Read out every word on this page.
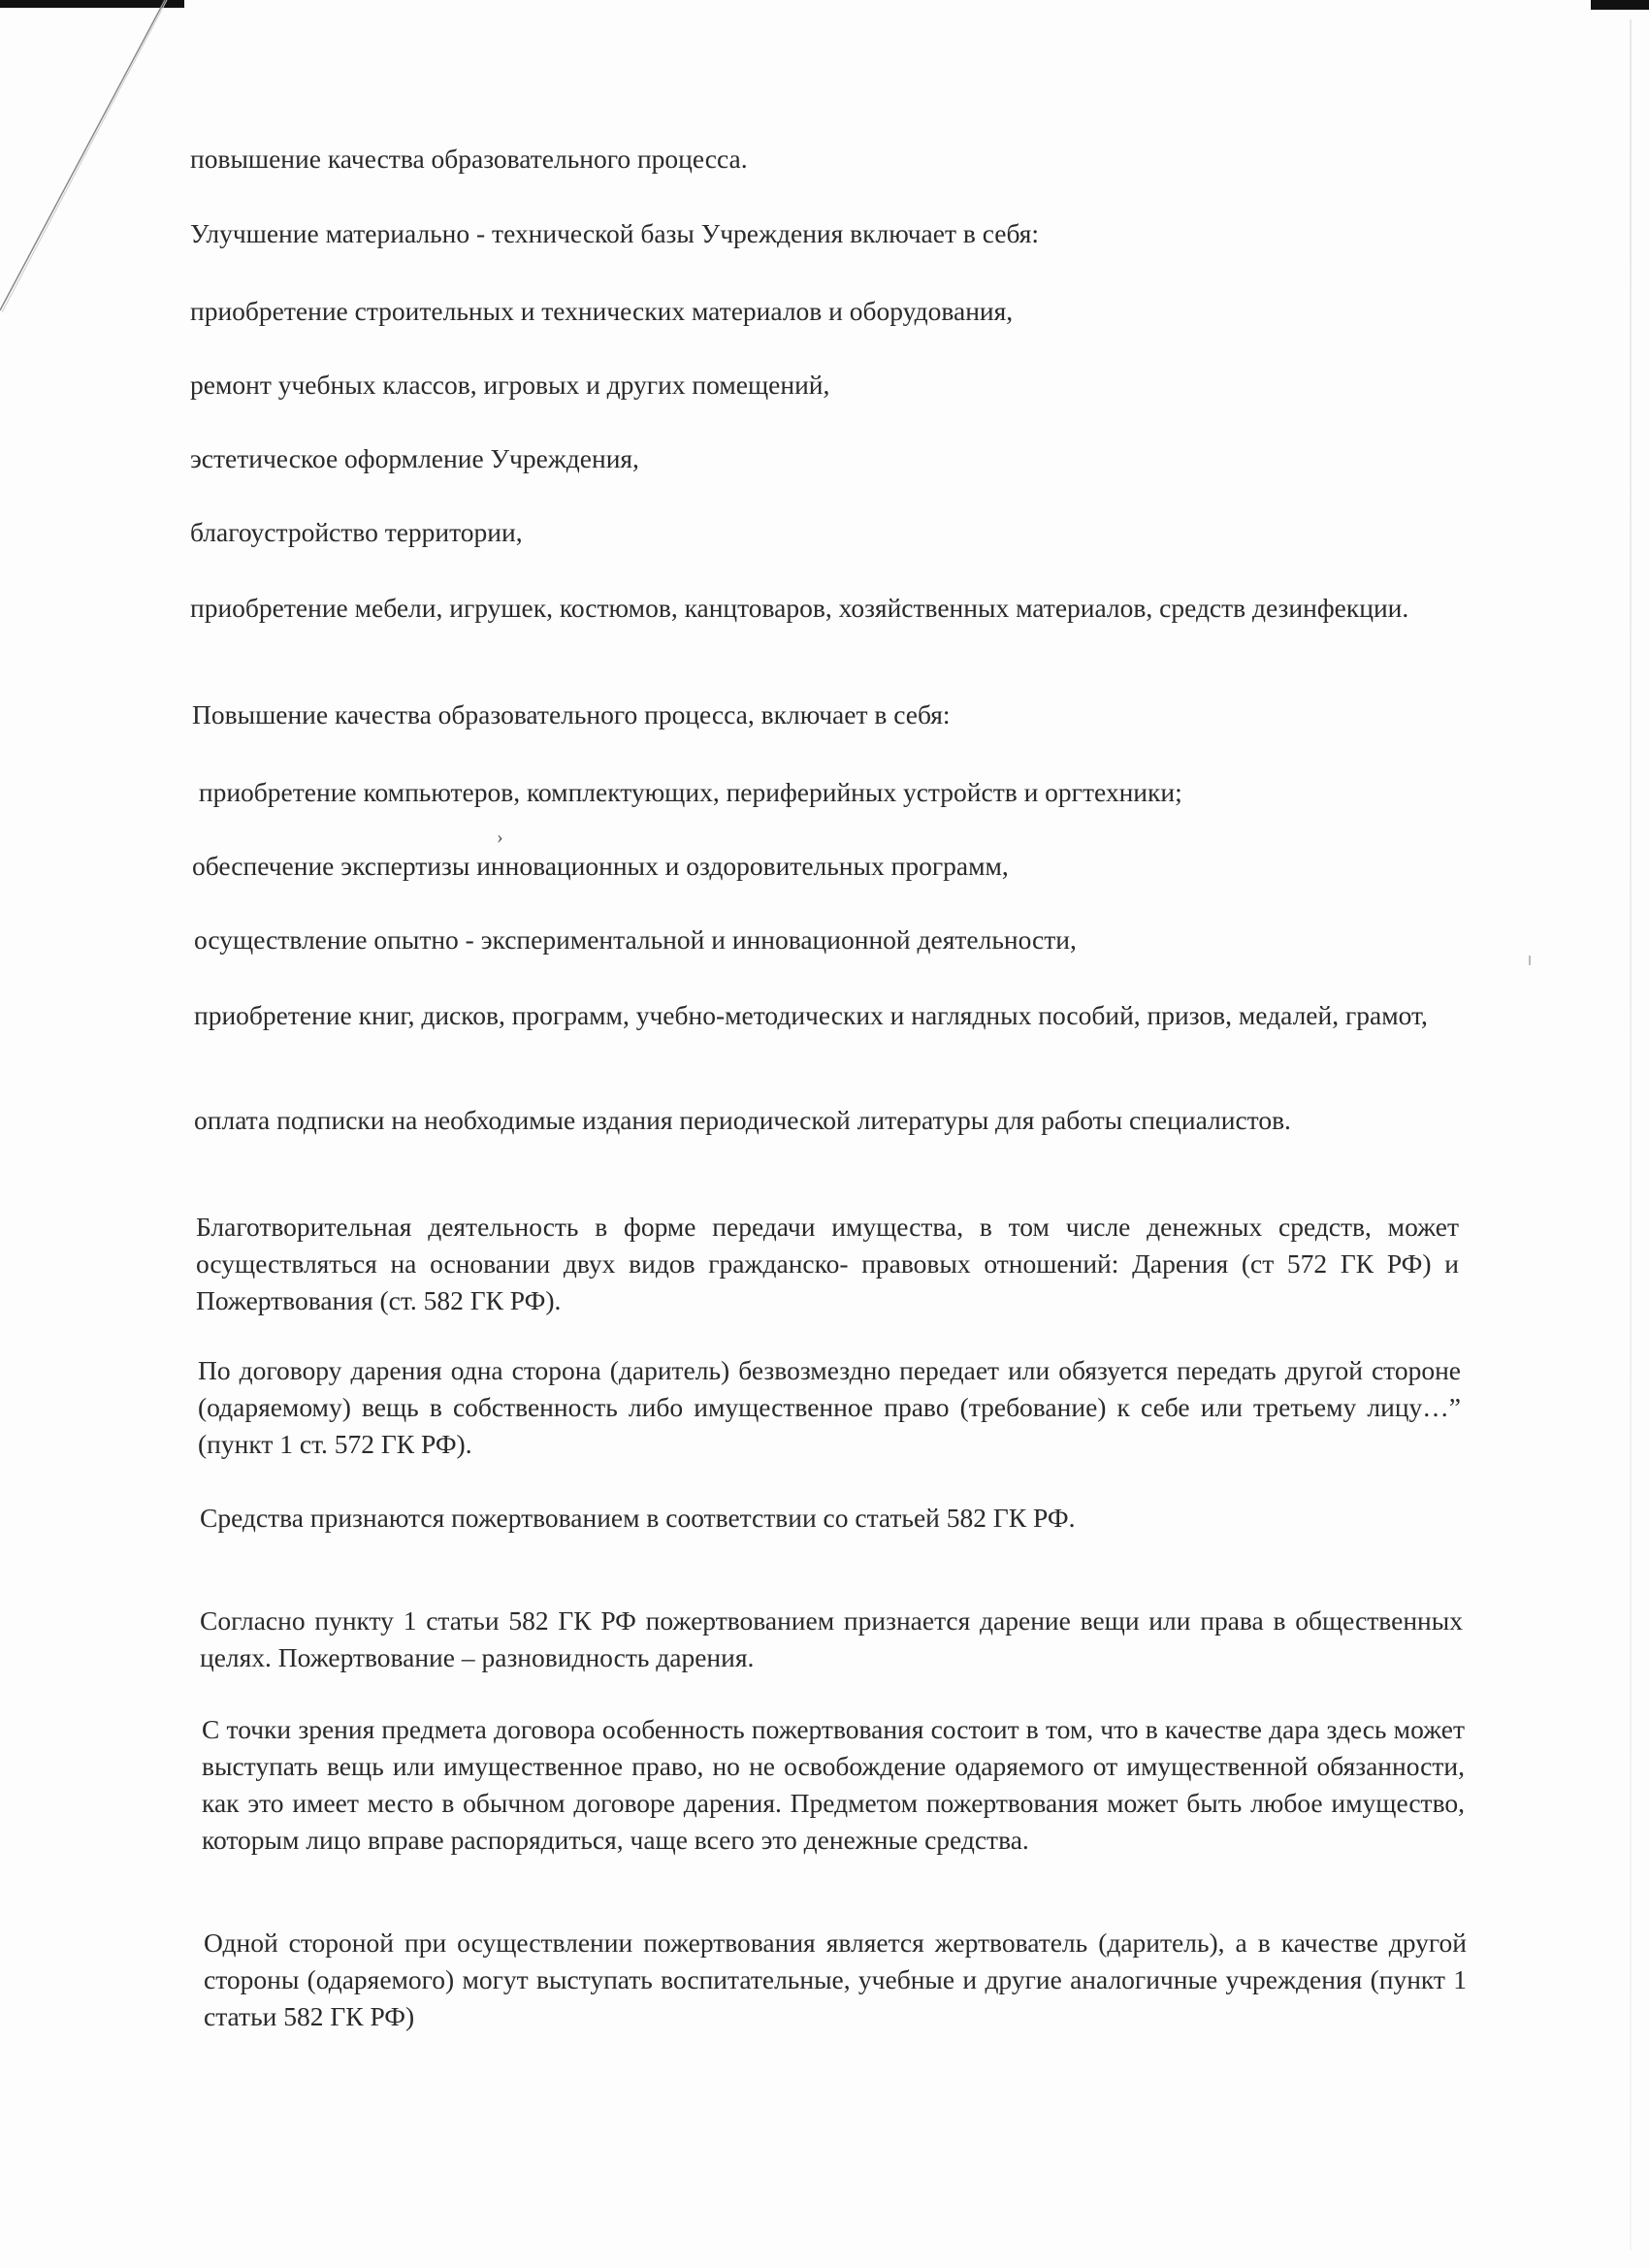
›

повышение качества образовательного процесса.

Улучшение материально - технической базы Учреждения включает в себя:

приобретение строительных и технических материалов и оборудования,

ремонт учебных классов, игровых и других помещений,

эстетическое оформление Учреждения,

благоустройство территории,

приобретение мебели, игрушек, костюмов, канцтоваров, хозяйственных материалов, средств дезинфекции.

Повышение качества образовательного процесса, включает в себя:

приобретение компьютеров, комплектующих, периферийных устройств и оргтехники;

обеспечение экспертизы инновационных и оздоровительных программ,

осуществление опытно - экспериментальной и инновационной деятельности,

приобретение книг, дисков, программ, учебно-методических и наглядных пособий, призов, медалей, грамот,

оплата подписки на необходимые издания периодической литературы для работы специалистов.

Благотворительная деятельность в форме передачи имущества, в том числе денежных средств, может осуществляться на основании двух видов гражданско- правовых отношений: Дарения (ст 572 ГК РФ) и Пожертвования (ст. 582 ГК РФ).

По договору дарения одна сторона (даритель) безвозмездно передает или обязуется передать другой стороне (одаряемому) вещь в собственность либо имущественное право (требование) к себе или третьему лицу…” (пункт 1 ст. 572 ГК РФ).

Средства признаются пожертвованием в соответствии со статьей 582 ГК РФ.

Согласно пункту 1 статьи 582 ГК РФ пожертвованием признается дарение вещи или права в общественных целях. Пожертвование – разновидность дарения.

С точки зрения предмета договора особенность пожертвования состоит в том, что в качестве дара здесь может выступать вещь или имущественное право, но не освобождение одаряемого от имущественной обязанности, как это имеет место в обычном договоре дарения. Предметом пожертвования может быть любое имущество, которым лицо вправе распорядиться, чаще всего это денежные средства.

Одной стороной при осуществлении пожертвования является жертвователь (даритель), а в качестве другой стороны (одаряемого) могут выступать воспитательные, учебные и другие аналогичные учреждения (пункт 1 статьи 582 ГК РФ)
